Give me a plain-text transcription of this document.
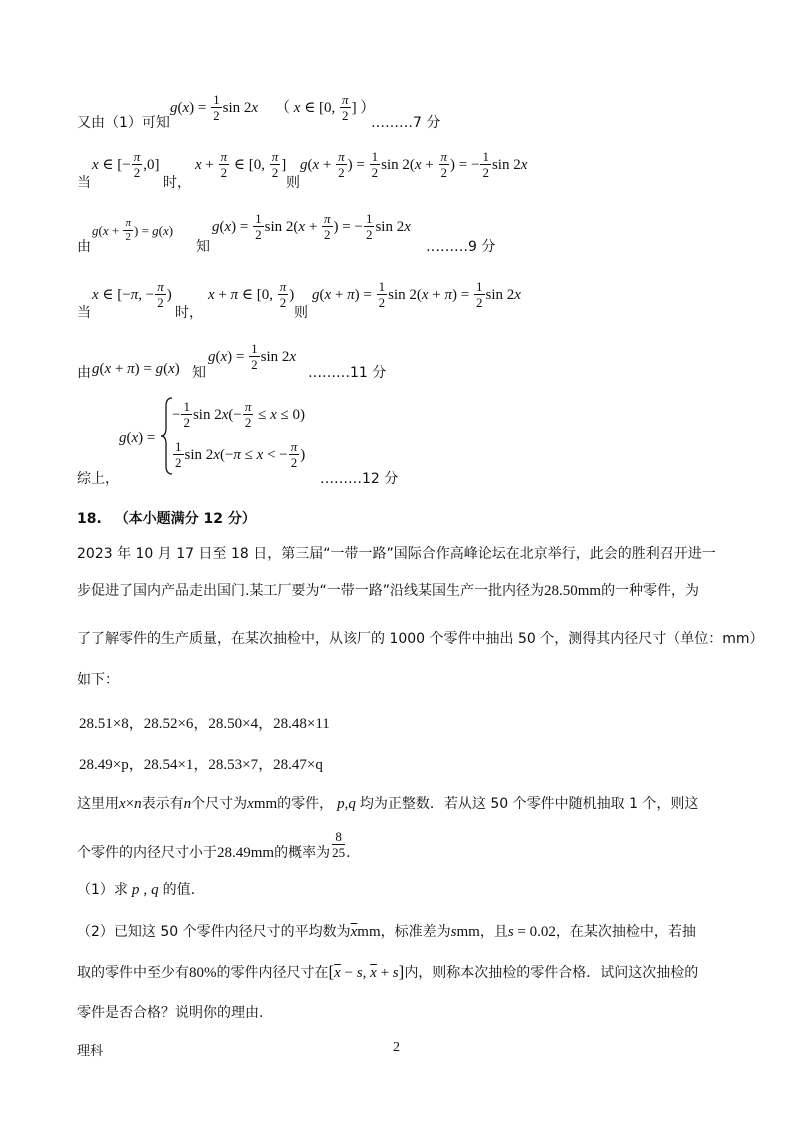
$g(x) = \frac{1}{2}$ sin 2x （ x ∈ [0, $\frac{\pi}{2}$ ] ）
又由（1）可知	………7 分
当
x ∈ [− $\frac{\pi}{2} ,0$]
时，
$x + \frac{\pi}{2}$ ∈ [0, $\frac{\pi}{2}$ ]
则
$g(x + \frac{\pi}{2}$ ) = $\frac{1}{2}$ $\sin 2(x + \frac{\pi}{2}$ ) = − $\frac{1}{2}$ sin 2x
由
$g(x + \frac{\pi}{2}$ ) = g(x)
知
$g(x) = \frac{1}{2}$ $\sin 2(x + \frac{\pi}{2}$ ) = − $\frac{1}{2}$ sin 2x
………9 分
当
x ∈ [−π, − $\frac{\pi}{2}$ )
时，
x + π ∈ [0, $\frac{\pi}{2}$ )
则
$g(x + \pi) = \frac{1}{2}$ $\sin 2(x + \pi) = \frac{1}{2}$ sin 2x
由 g(x + π) = g(x) 知
$g(x) = \frac{1}{2}$ sin 2x
………11 分
综上，
g(x) =
− $\frac{1}{2}$ $\sin 2x(- \frac{\pi}{2} \le x \le 0)$
$\frac{1}{2}$ sin 2x(−π ≤ x < − $\frac{\pi}{2}$ )
………12 分
18. （本小题满分 12 分）
2023 年 10 月 17 日至 18 日，第三届“一带一路”国际合作高峰论坛在北京举行，此会的胜利召开进一
步促进了国内产品走出国门.某工厂要为“一带一路”沿线某国生产一批内径为28.50mm的一种零件，为
了了解零件的生产质量，在某次抽检中，从该厂的 1000 个零件中抽出 50 个，测得其内径尺寸（单位：mm）
如下：
28.51×8，28.52×6，28.50×4，28.48×11
28.49×p，28.54×1，28.53×7，28.47×q
这里用x×n表示有n个尺寸为xmm的零件， p,q 均为正整数．若从这 50 个零件中随机抽取 1 个，则这
个零件的内径尺寸小于28.49mm的概率为 $\frac{8}{25}$ ．
（1）求 p , q 的值.
（2）已知这 50 个零件内径尺寸的平均数为$\overline{x}mm$，标准差为smm，且s = 0.02，在某次抽检中，若抽
取的零件中至少有80%的零件内径尺寸在[$\overline{x} - s$, $\overline{x} + s$]内，则称本次抽检的零件合格．试问这次抽检的
零件是否合格？说明你的理由.
理科	2
